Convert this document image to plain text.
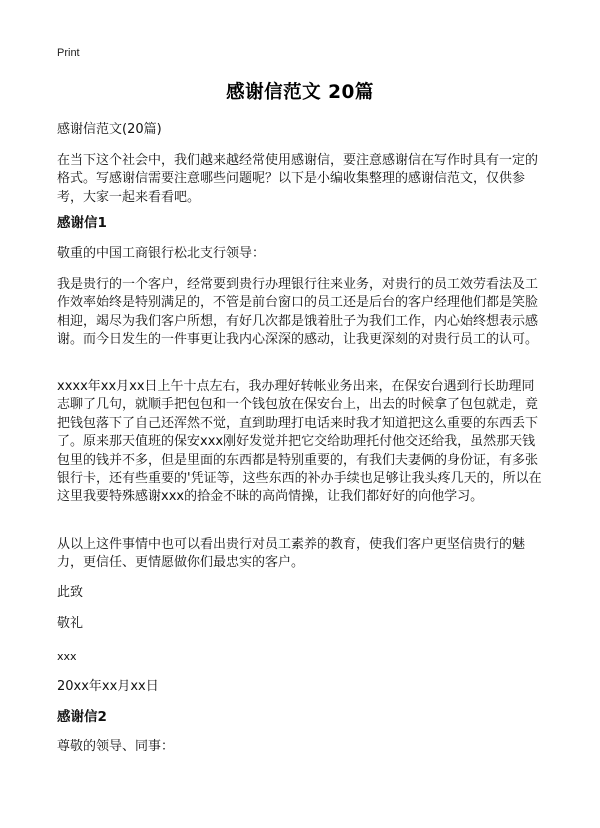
Print
感谢信范文 20篇
感谢信范文(20篇)
在当下这个社会中，我们越来越经常使用感谢信，要注意感谢信在写作时具有一定的格式。写感谢信需要注意哪些问题呢？以下是小编收集整理的感谢信范文，仅供参考，大家一起来看看吧。
感谢信1
敬重的中国工商银行松北支行领导：
我是贵行的一个客户，经常要到贵行办理银行往来业务，对贵行的员工效劳看法及工作效率始终是特别满足的，不管是前台窗口的员工还是后台的客户经理他们都是笑脸相迎，竭尽为我们客户所想，有好几次都是饿着肚子为我们工作，内心始终想表示感谢。而今日发生的一件事更让我内心深深的感动，让我更深刻的对贵行员工的认可。
xxxx年xx月xx日上午十点左右，我办理好转帐业务出来，在保安台遇到行长助理同志聊了几句，就顺手把包包和一个钱包放在保安台上，出去的时候拿了包包就走，竟把钱包落下了自己还浑然不觉，直到助理打电话来时我才知道把这么重要的东西丢下了。原来那天值班的保安xxx刚好发觉并把它交给助理托付他交还给我，虽然那天钱包里的钱并不多，但是里面的东西都是特别重要的，有我们夫妻俩的身份证，有多张银行卡，还有些重要的'凭证等，这些东西的补办手续也足够让我头疼几天的，所以在这里我要特殊感谢xxx的拾金不昧的高尚情操，让我们都好好的向他学习。
从以上这件事情中也可以看出贵行对员工素养的教育，使我们客户更坚信贵行的魅力，更信任、更情愿做你们最忠实的客户。
此致
敬礼
xxx
20xx年xx月xx日
感谢信2
尊敬的领导、同事：
